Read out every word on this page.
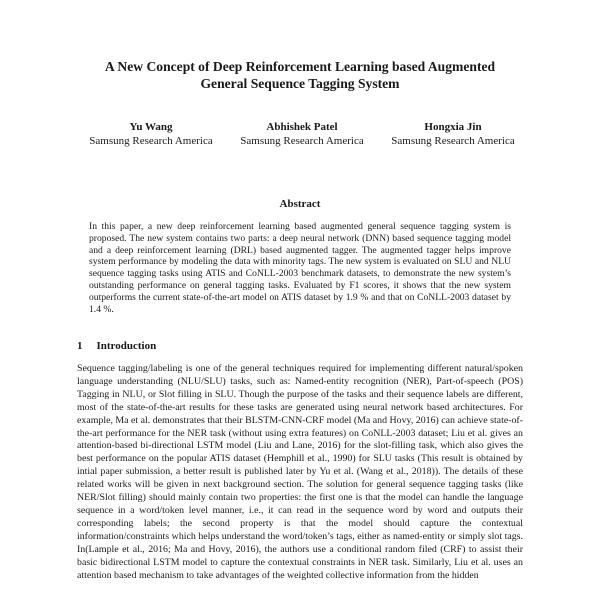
A New Concept of Deep Reinforcement Learning based Augmented
General Sequence Tagging System
Yu Wang
Samsung Research America
Abhishek Patel
Samsung Research America
Hongxia Jin
Samsung Research America
Abstract
In this paper, a new deep reinforcement learning based augmented general sequence tagging system is proposed. The new system contains two parts: a deep neural network (DNN) based sequence tagging model and a deep reinforcement learning (DRL) based augmented tagger. The augmented tagger helps improve system performance by modeling the data with minority tags. The new system is evaluated on SLU and NLU sequence tagging tasks using ATIS and CoNLL-2003 benchmark datasets, to demonstrate the new system’s outstanding performance on general tagging tasks. Evaluated by F1 scores, it shows that the new system outperforms the current state-of-the-art model on ATIS dataset by 1.9 % and that on CoNLL-2003 dataset by 1.4 %.
1 Introduction
Sequence tagging/labeling is one of the general techniques required for implementing different natural/spoken language understanding (NLU/SLU) tasks, such as: Named-entity recognition (NER), Part-of-speech (POS) Tagging in NLU, or Slot filling in SLU. Though the purpose of the tasks and their sequence labels are different, most of the state-of-the-art results for these tasks are generated using neural network based architectures. For example, Ma et al. demonstrates that their BLSTM-CNN-CRF model (Ma and Hovy, 2016) can achieve state-of-the-art performance for the NER task (without using extra features) on CoNLL-2003 dataset; Liu et al. gives an attention-based bi-directional LSTM model (Liu and Lane, 2016) for the slot-filling task, which also gives the best performance on the popular ATIS dataset (Hemphill et al., 1990) for SLU tasks (This result is obtained by intial paper submission, a better result is published later by Yu et al. (Wang et al., 2018)). The details of these related works will be given in next background section. The solution for general sequence tagging tasks (like NER/Slot filling) should mainly contain two properties: the first one is that the model can handle the language sequence in a word/token level manner, i.e., it can read in the sequence word by word and outputs their corresponding labels; the second property is that the model should capture the contextual information/constraints which helps understand the word/token’s tags, either as named-entity or simply slot tags. In(Lample et al., 2016; Ma and Hovy, 2016), the authors use a conditional random filed (CRF) to assist their basic bidirectional LSTM model to capture the contextual constraints in NER task. Similarly, Liu et al. uses an attention based mechanism to take advantages of the weighted collective information from the hidden
